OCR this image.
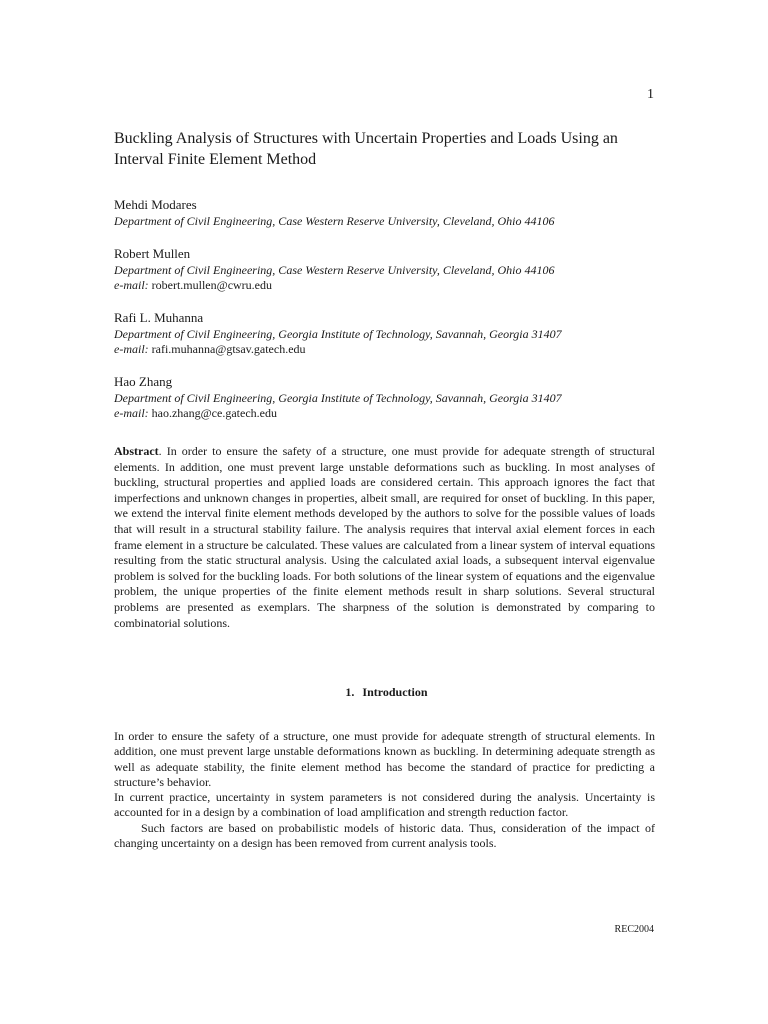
1
Buckling Analysis of Structures with Uncertain Properties and Loads Using an Interval Finite Element Method
Mehdi Modares
Department of Civil Engineering, Case Western Reserve University, Cleveland, Ohio 44106
Robert Mullen
Department of Civil Engineering, Case Western Reserve University, Cleveland, Ohio 44106
e-mail: robert.mullen@cwru.edu
Rafi L. Muhanna
Department of Civil Engineering, Georgia Institute of Technology, Savannah, Georgia 31407
e-mail: rafi.muhanna@gtsav.gatech.edu
Hao Zhang
Department of Civil Engineering, Georgia Institute of Technology, Savannah, Georgia 31407
e-mail: hao.zhang@ce.gatech.edu

Abstract. In order to ensure the safety of a structure, one must provide for adequate strength of structural elements. In addition, one must prevent large unstable deformations such as buckling. In most analyses of buckling, structural properties and applied loads are considered certain. This approach ignores the fact that imperfections and unknown changes in properties, albeit small, are required for onset of buckling. In this paper, we extend the interval finite element methods developed by the authors to solve for the possible values of loads that will result in a structural stability failure. The analysis requires that interval axial element forces in each frame element in a structure be calculated. These values are calculated from a linear system of interval equations resulting from the static structural analysis. Using the calculated axial loads, a subsequent interval eigenvalue problem is solved for the buckling loads. For both solutions of the linear system of equations and the eigenvalue problem, the unique properties of the finite element methods result in sharp solutions. Several structural problems are presented as exemplars. The sharpness of the solution is demonstrated by comparing to combinatorial solutions.

1. Introduction

In order to ensure the safety of a structure, one must provide for adequate strength of structural elements. In addition, one must prevent large unstable deformations known as buckling. In determining adequate strength as well as adequate stability, the finite element method has become the standard of practice for predicting a structure’s behavior.

In current practice, uncertainty in system parameters is not considered during the analysis. Uncertainty is accounted for in a design by a combination of load amplification and strength reduction factor.

Such factors are based on probabilistic models of historic data. Thus, consideration of the impact of changing uncertainty on a design has been removed from current analysis tools.

REC2004
